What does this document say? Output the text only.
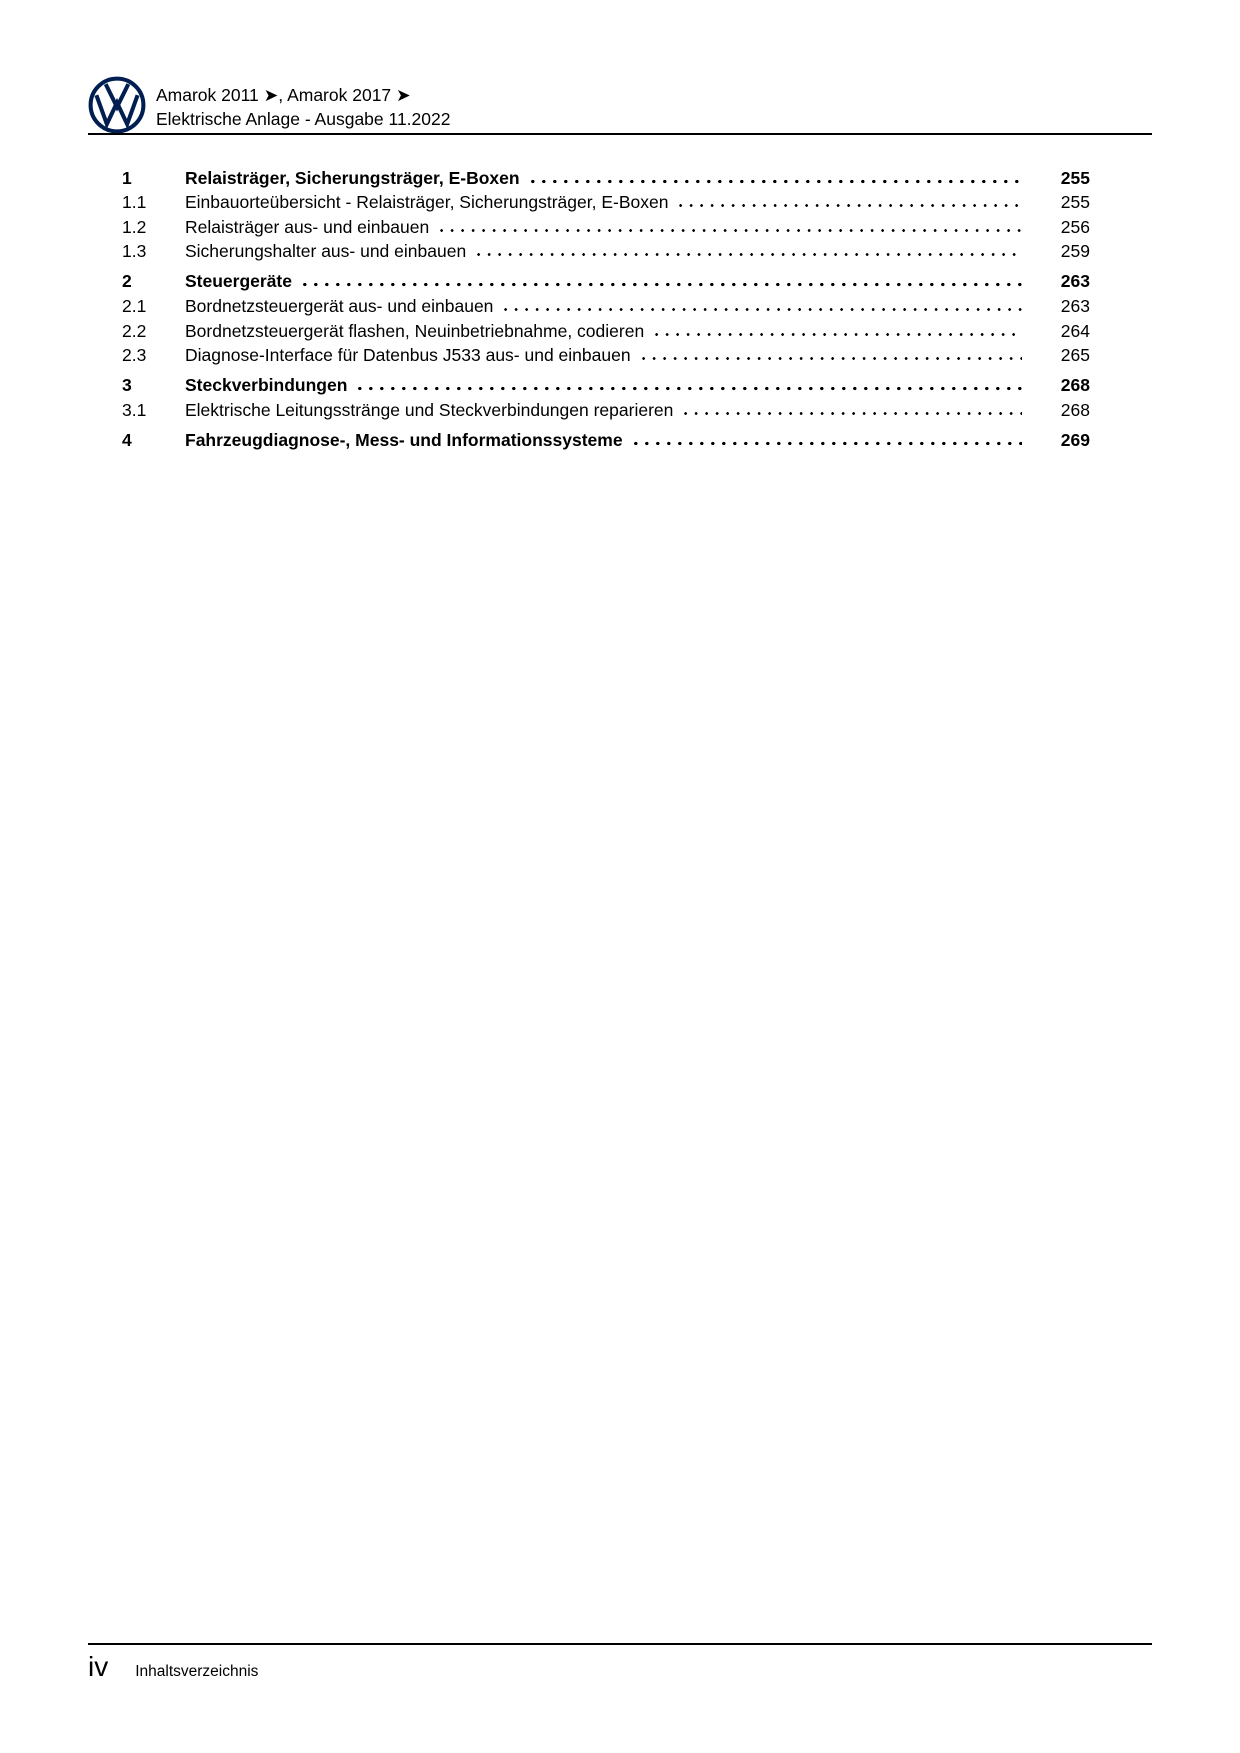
Amarok 2011 ➤, Amarok 2017 ➤
Elektrische Anlage - Ausgabe 11.2022
1	Relaisträger, Sicherungsträger, E-Boxen	255
1.1	Einbauorteübersicht - Relaisträger, Sicherungsträger, E-Boxen	255
1.2	Relaisträger aus- und einbauen	256
1.3	Sicherungshalter aus- und einbauen	259
2	Steuergeräte	263
2.1	Bordnetzsteuergerät aus- und einbauen	263
2.2	Bordnetzsteuergerät flashen, Neuinbetriebnahme, codieren	264
2.3	Diagnose-Interface für Datenbus J533 aus- und einbauen	265
3	Steckverbindungen	268
3.1	Elektrische Leitungsstränge und Steckverbindungen reparieren	268
4	Fahrzeugdiagnose-, Mess- und Informationssysteme	269
iv Inhaltsverzeichnis
